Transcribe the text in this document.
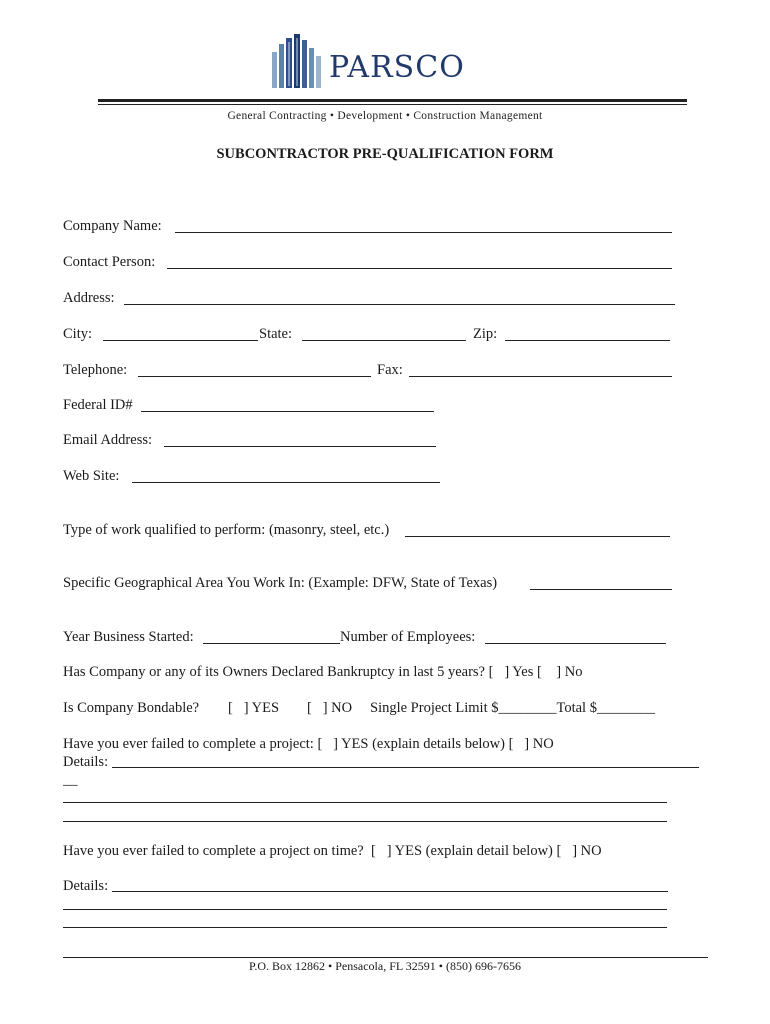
PARSCO
General Contracting • Development • Construction Management
SUBCONTRACTOR PRE-QUALIFICATION FORM
Company Name:
Contact Person:
Address:
City:	State:	Zip:
Telephone:	Fax:
Federal ID#
Email Address:
Web Site:
Type of work qualified to perform: (masonry, steel, etc.)
Specific Geographical Area You Work In: (Example: DFW, State of Texas)
Year Business Started:	Number of Employees:
Has Company or any of its Owners Declared Bankruptcy in last 5 years? [   ] Yes [    ] No
Is Company Bondable? [   ] YES [   ] NO Single Project Limit $________Total $________
Have you ever failed to complete a project: [   ] YES (explain details below) [   ] NO
Details:
__
Have you ever failed to complete a project on time?  [   ] YES (explain detail below) [   ] NO
Details:
P.O. Box 12862 • Pensacola, FL 32591 • (850) 696-7656
